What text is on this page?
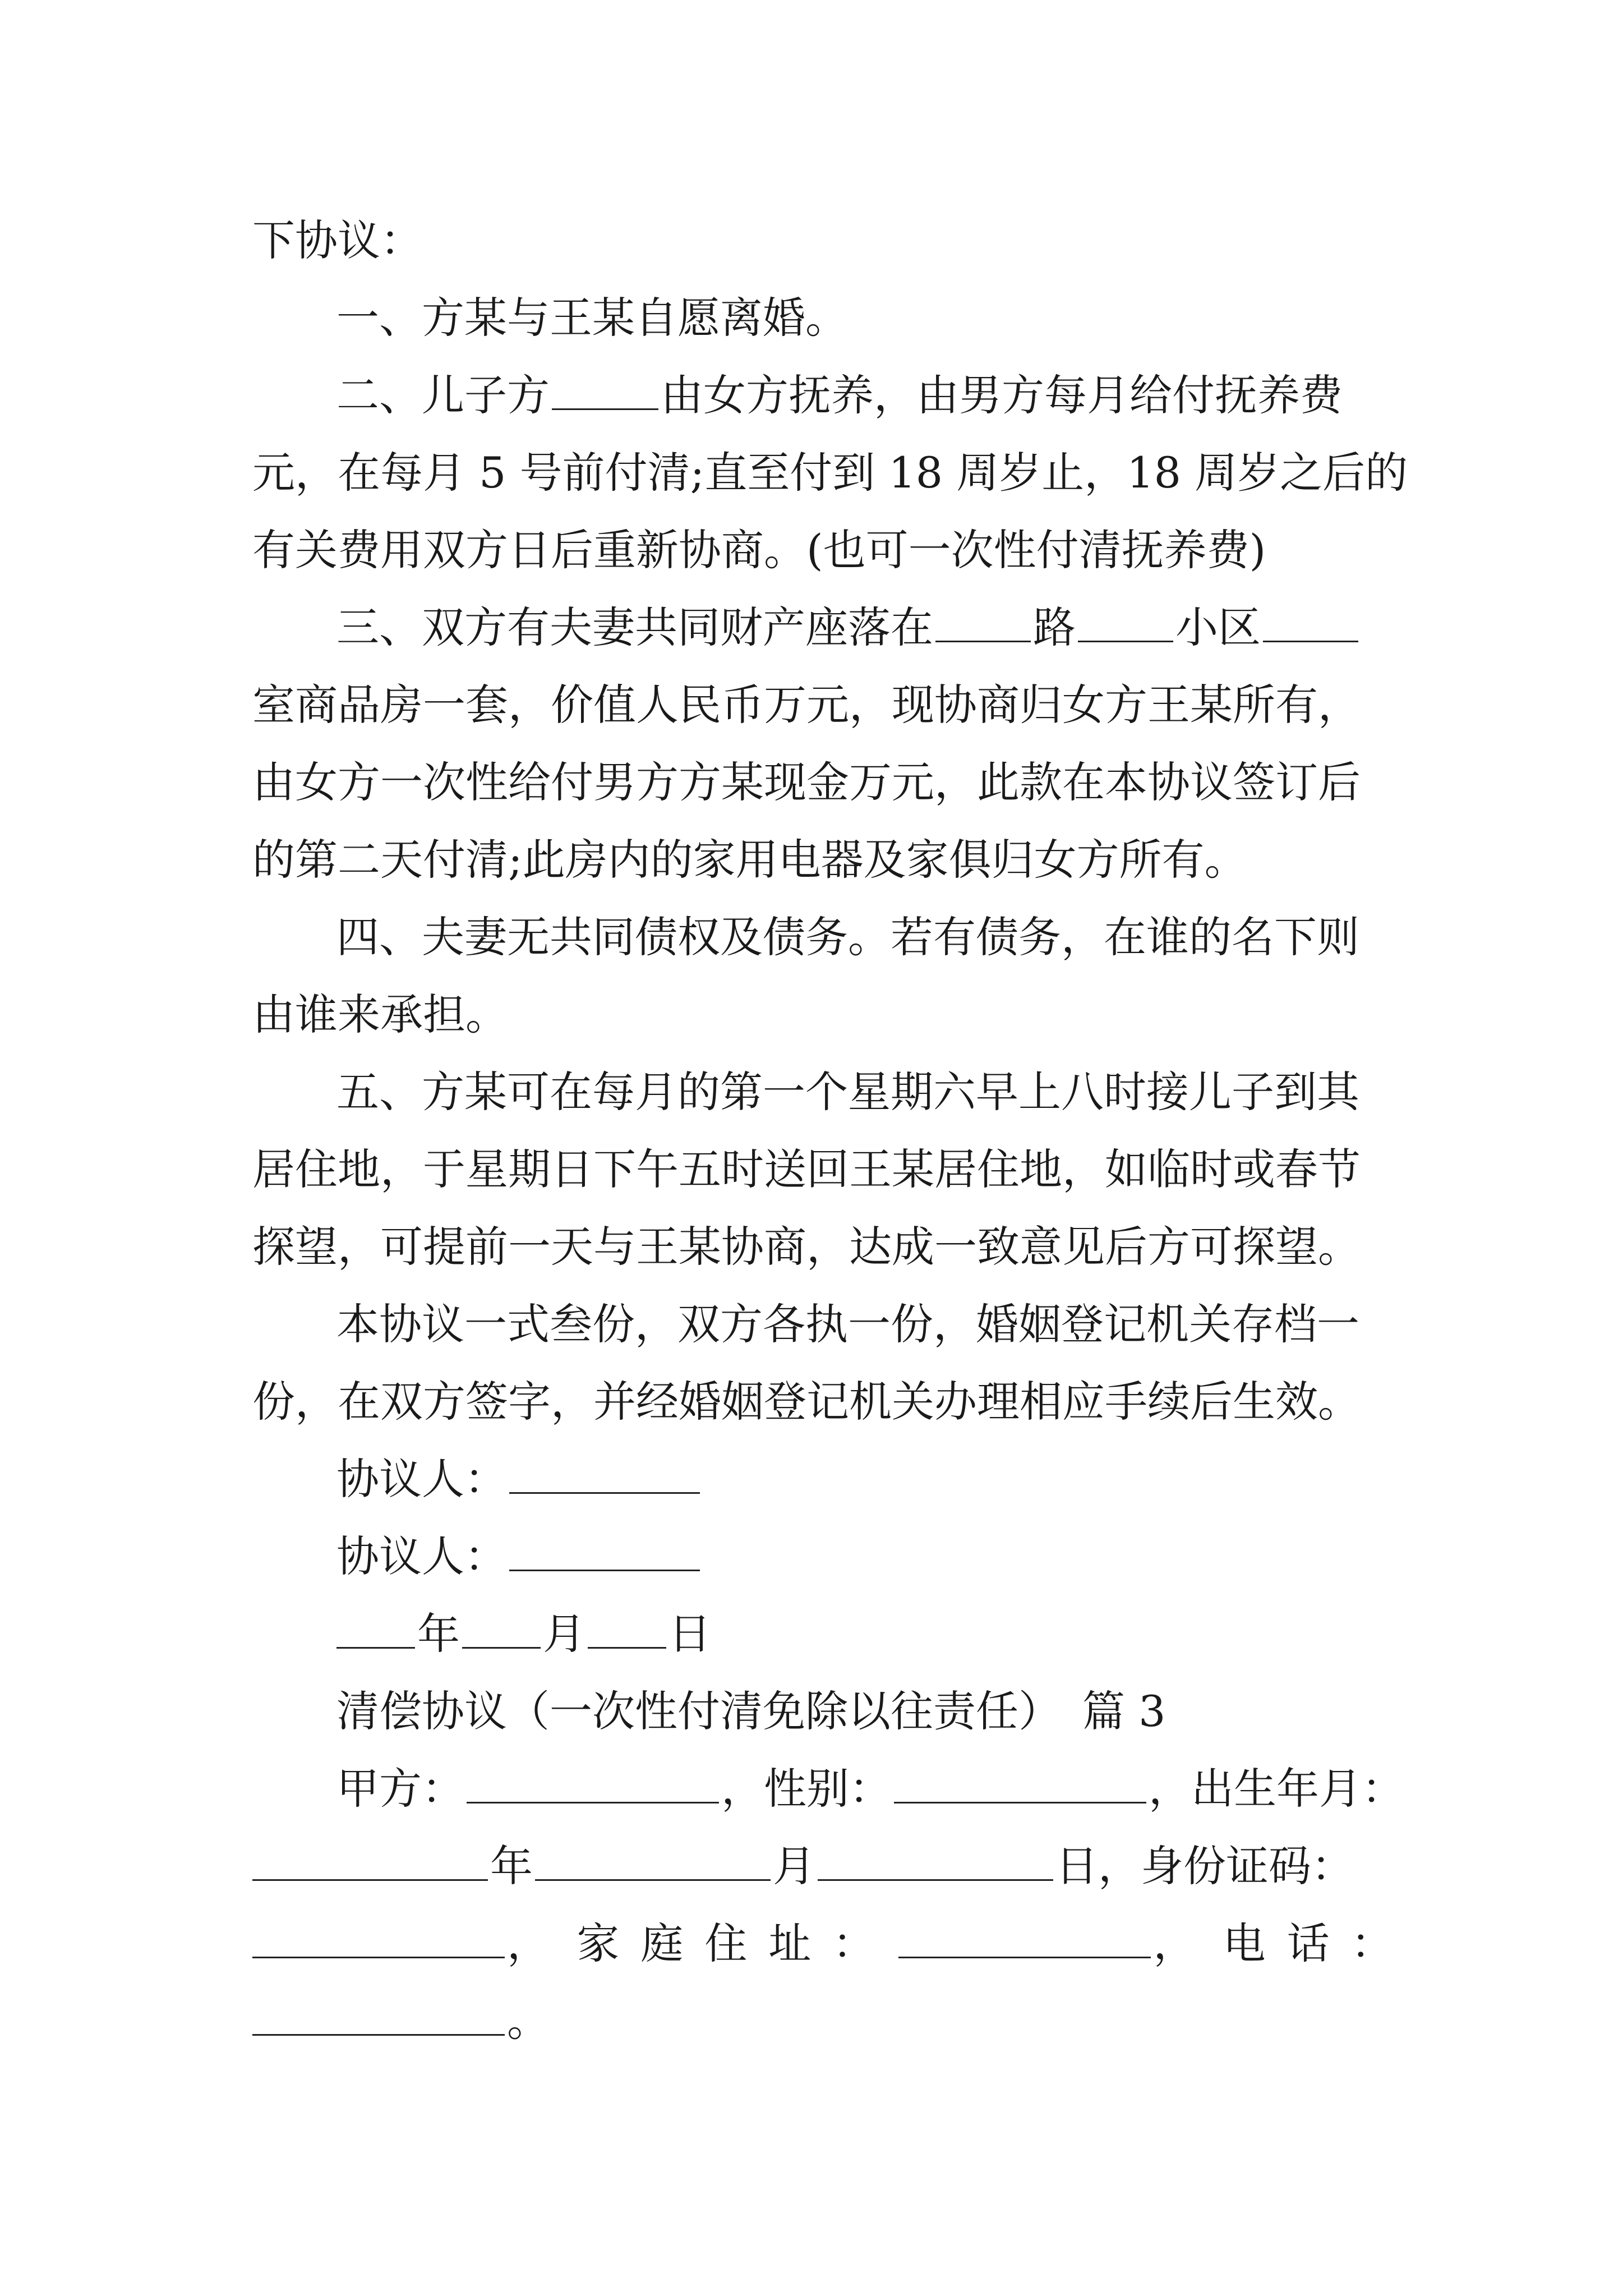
下协议：
一、方某与王某自愿离婚。
二、儿子方	由女方抚养，由男方每月给付抚养费
元，在每月 5 号前付清;直至付到 18 周岁止，18 周岁之后的
有关费用双方日后重新协商。(也可一次性付清抚养费)
三、双方有夫妻共同财产座落在 路 小区
室商品房一套，价值人民币万元，现协商归女方王某所有，
由女方一次性给付男方方某现金万元，此款在本协议签订后
的第二天付清;此房内的家用电器及家俱归女方所有。
四、夫妻无共同债权及债务。若有债务，在谁的名下则
由谁来承担。
五、方某可在每月的第一个星期六早上八时接儿子到其
居住地，于星期日下午五时送回王某居住地，如临时或春节
探望，可提前一天与王某协商，达成一致意见后方可探望。
本协议一式叁份，双方各执一份，婚姻登记机关存档一
份，在双方签字，并经婚姻登记机关办理相应手续后生效。
协议人：
协议人：
年 月 日
清偿协议（一次性付清免除以往责任）　篇 3
甲方：	，性别：	，出生年月：
年	月	日，身份证码：
， 家庭住址：	， 电话：
。
